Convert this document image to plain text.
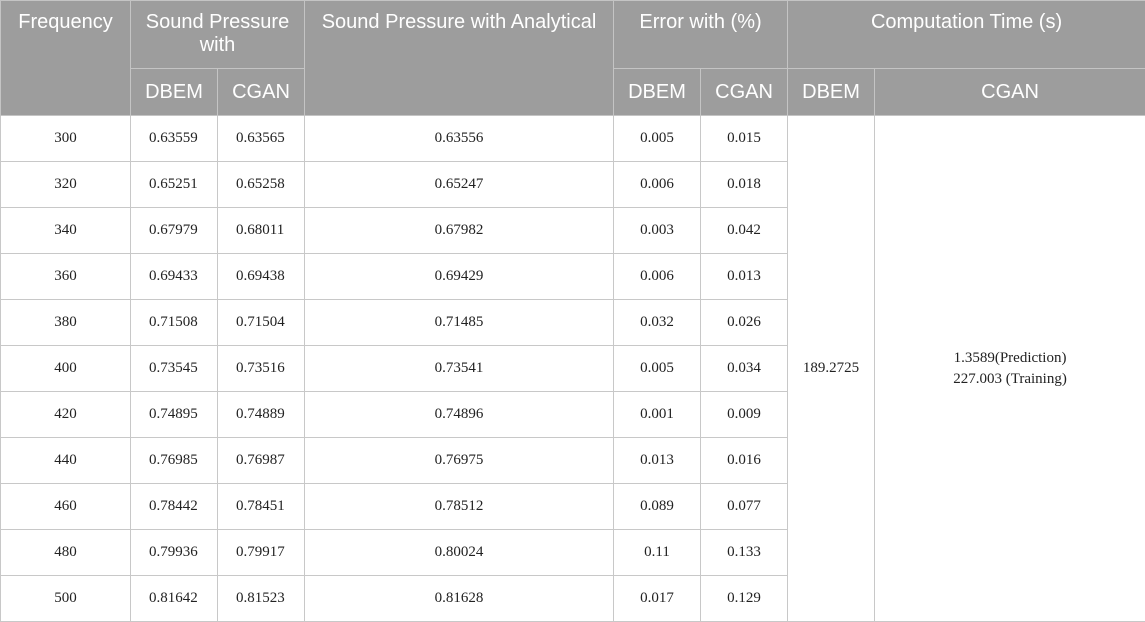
Frequency	Sound Pressure with		Sound Pressure with Analytical	Error with (%)		Computation Time (s)	
	DBEM	CGAN		DBEM	CGAN	DBEM	CGAN
300	0.63559	0.63565	0.63556	0.005	0.015	189.2725	1.3589(Prediction)
227.003 (Training)
320	0.65251	0.65258	0.65247	0.006	0.018		
340	0.67979	0.68011	0.67982	0.003	0.042		
360	0.69433	0.69438	0.69429	0.006	0.013		
380	0.71508	0.71504	0.71485	0.032	0.026		
400	0.73545	0.73516	0.73541	0.005	0.034		
420	0.74895	0.74889	0.74896	0.001	0.009		
440	0.76985	0.76987	0.76975	0.013	0.016		
460	0.78442	0.78451	0.78512	0.089	0.077		
480	0.79936	0.79917	0.80024	0.11	0.133		
500	0.81642	0.81523	0.81628	0.017	0.129		
